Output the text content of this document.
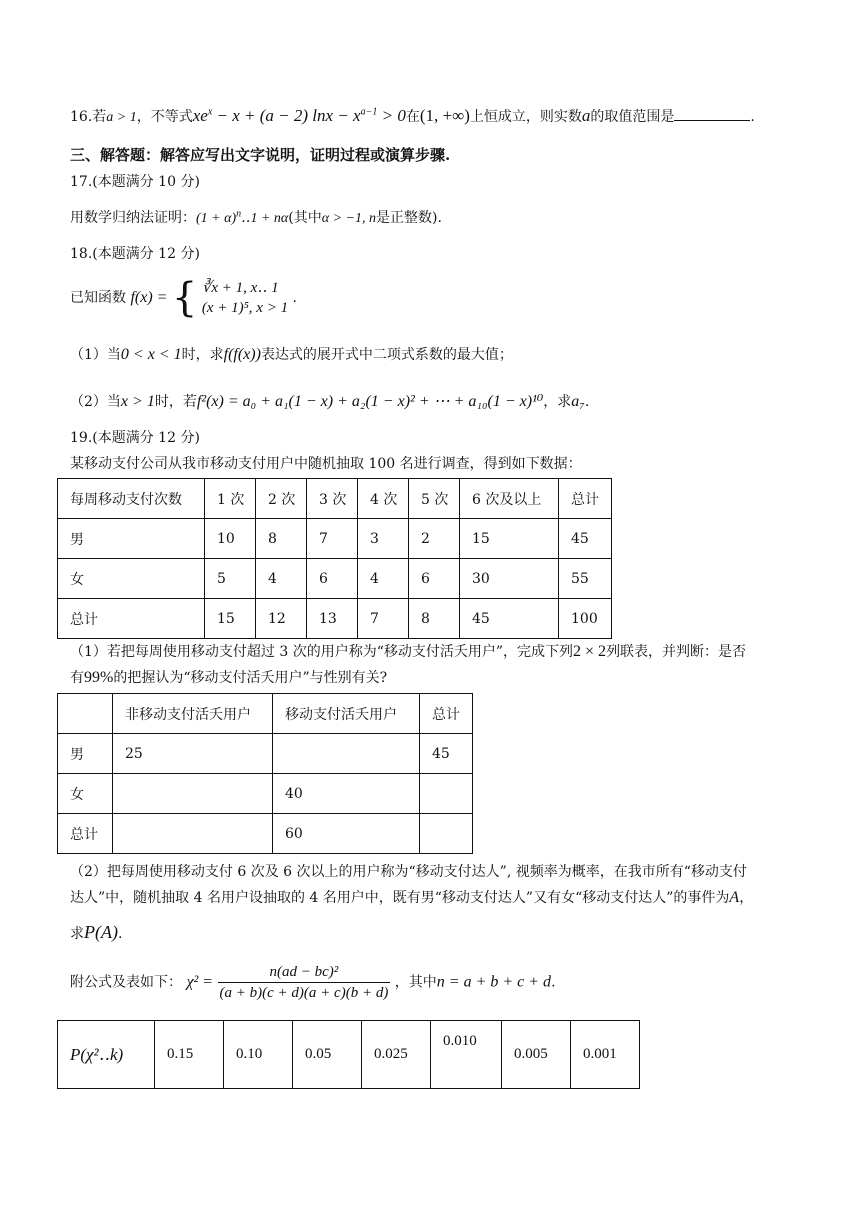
16.若a > 1，不等式$xe^x - x + (a - 2) \ln x - x^{a-1} > 0$在(1, +∞)上恒成立，则实数a的取值范围是	.
三、解答题：解答应写出文字说明，证明过程或演算步骤.
17.(本题满分 10 分)
用数学归纳法证明：$(1 + \alpha)^n‥1 + n\alpha$(其中α > −1, n是正整数).
18.(本题满分 12 分)
已知函数 f(x) = { ∛x + 1, x‥ 1
(x + 1)⁵, x > 1
.
（1）当0 < x < 1时，求f(f(x))表达式的展开式中二项式系数的最大值；
（2）当x > 1时，若f²(x) = a₀ + a₁(1 − x) + a₂(1 − x)² + ⋯ + a₁₀(1 − x)¹⁰，求a₇.
19.(本题满分 12 分)
某移动支付公司从我市移动支付用户中随机抽取 100 名进行调查，得到如下数据：
每周移动支付次数	1 次	2 次	3 次	4 次	5 次	6 次及以上	总计
男	10	8	7	3	2	15	45
女	5	4	6	4	6	30	55
总计	15	12	13	7	8	45	100
（1）若把每周使用移动支付超过 3 次的用户称为“移动支付活夭用户”，完成下列2 × 2列联表，并判断：是否
有99%的把握认为“移动支付活夭用户”与性别有关?
	非移动支付活夭用户	移动支付活夭用户	总计
男	25		45
女		40	
总计		60	
（2）把每周使用移动支付 6 次及 6 次以上的用户称为“移动支付达人”, 视频率为概率，在我市所有“移动支付
达人”中，随机抽取 4 名用户设抽取的 4 名用户中，既有男“移动支付达人”又有女“移动支付达人”的事件为A，
求P(A).
附公式及表如下： $\chi^2 = \frac{\text{n(ad − bc)²}}{(a + b)(c + d)(a + c)(b + d)}$ ，其中n = a + b + c + d.
P(χ²‥k)	0.15	0.10	0.05	0.025	0.010	0.005	0.001
